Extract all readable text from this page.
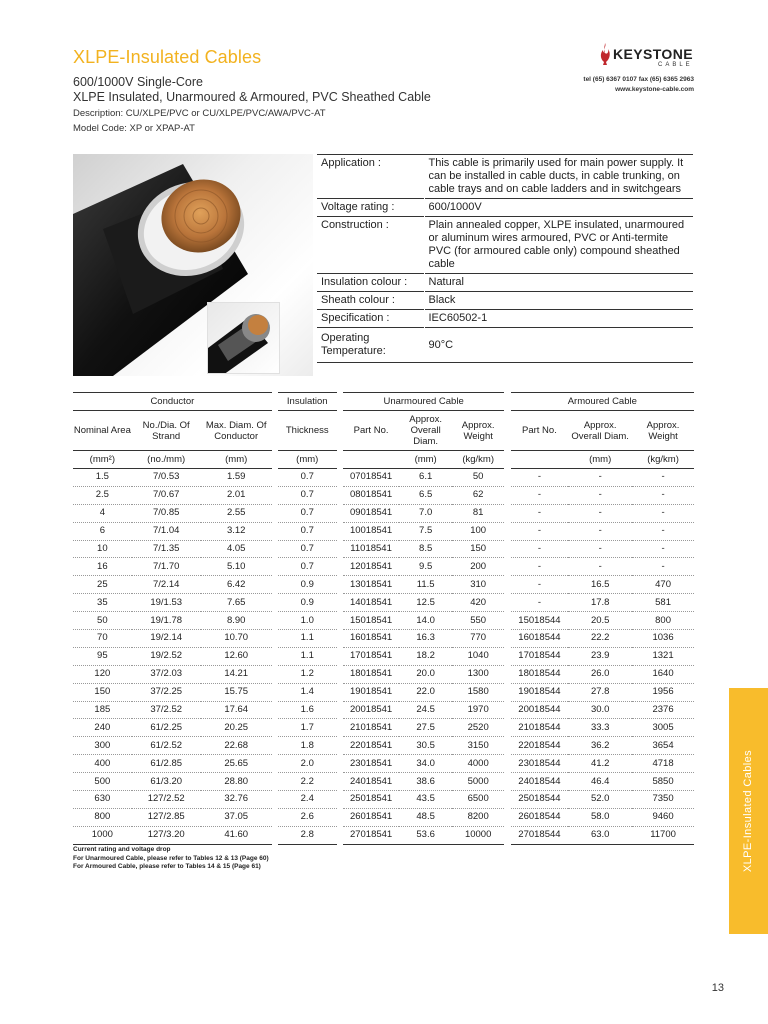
XLPE-Insulated Cables
600/1000V Single-Core
XLPE Insulated, Unarmoured & Armoured, PVC Sheathed Cable
Description: CU/XLPE/PVC or CU/XLPE/PVC/AWA/PVC-AT
Model Code: XP or XPAP-AT
KEYSTONE
CABLE
tel (65) 6367 0107 fax (65) 6365 2963
www.keystone-cable.com
Application :	This cable is primarily used for main power supply. It can be installed in cable ducts, in cable trunking, on cable trays and on cable ladders and in switchgears
Voltage rating :	600/1000V
Construction :	Plain annealed copper, XLPE insulated, unarmoured or aluminum wires armoured, PVC or Anti-termite PVC (for armoured cable only) compound sheathed cable
Insulation colour :	Natural
Sheath colour :	Black
Specification :	IEC60502-1
Operating Temperature:	90°C
Conductor				Insulation		Unarmoured Cable				Armoured Cable		
Nominal Area	No./Dia. Of Strand	Max. Diam. Of Conductor		Thickness		Part No.	Approx. Overall Diam.	Approx. Weight		Part No.	Approx. Overall Diam.	Approx. Weight
(mm²)	(no./mm)	(mm)		(mm)			(mm)	(kg/km)			(mm)	(kg/km)
1.5	7/0.53	1.59		0.7		07018541	6.1	50		-	-	-
2.5	7/0.67	2.01		0.7		08018541	6.5	62		-	-	-
4	7/0.85	2.55		0.7		09018541	7.0	81		-	-	-
6	7/1.04	3.12		0.7		10018541	7.5	100		-	-	-
10	7/1.35	4.05		0.7		11018541	8.5	150		-	-	-
16	7/1.70	5.10		0.7		12018541	9.5	200		-	-	-
25	7/2.14	6.42		0.9		13018541	11.5	310		-	16.5	470
35	19/1.53	7.65		0.9		14018541	12.5	420		-	17.8	581
50	19/1.78	8.90		1.0		15018541	14.0	550		15018544	20.5	800
70	19/2.14	10.70		1.1		16018541	16.3	770		16018544	22.2	1036
95	19/2.52	12.60		1.1		17018541	18.2	1040		17018544	23.9	1321
120	37/2.03	14.21		1.2		18018541	20.0	1300		18018544	26.0	1640
150	37/2.25	15.75		1.4		19018541	22.0	1580		19018544	27.8	1956
185	37/2.52	17.64		1.6		20018541	24.5	1970		20018544	30.0	2376
240	61/2.25	20.25		1.7		21018541	27.5	2520		21018544	33.3	3005
300	61/2.52	22.68		1.8		22018541	30.5	3150		22018544	36.2	3654
400	61/2.85	25.65		2.0		23018541	34.0	4000		23018544	41.2	4718
500	61/3.20	28.80		2.2		24018541	38.6	5000		24018544	46.4	5850
630	127/2.52	32.76		2.4		25018541	43.5	6500		25018544	52.0	7350
800	127/2.85	37.05		2.6		26018541	48.5	8200		26018544	58.0	9460
1000	127/3.20	41.60		2.8		27018541	53.6	10000		27018544	63.0	11700
Current rating and voltage drop
For Unarmoured Cable, please refer to Tables 12 & 13 (Page 60)
For Armoured Cable, please refer to Tables 14 & 15 (Page 61)	XLPE-Insulated Cables
13
